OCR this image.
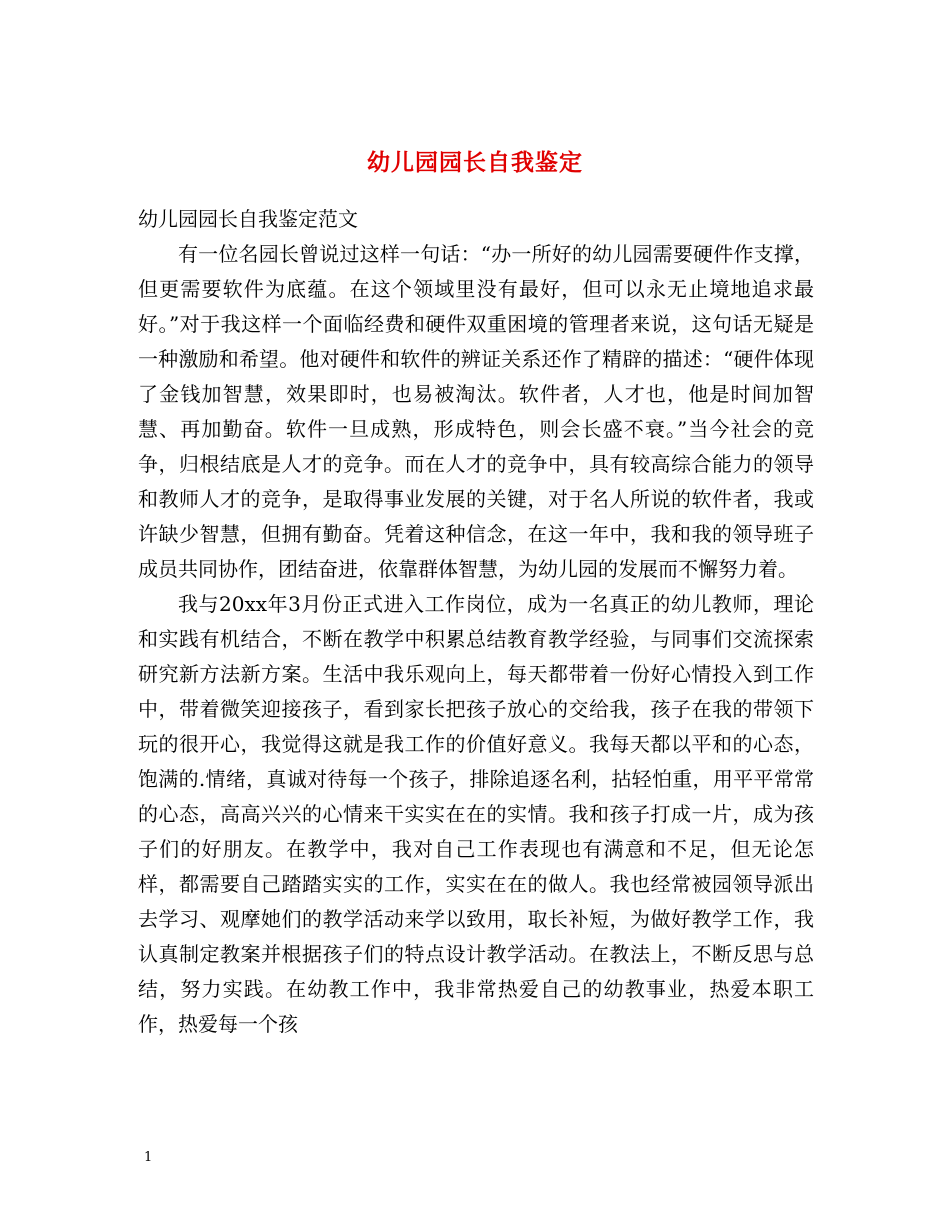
幼儿园园长自我鉴定

幼儿园园长自我鉴定范文

有一位名园长曾说过这样一句话：“办一所好的幼儿园需要硬件作支撑，但更需要软件为底蕴。在这个领域里没有最好，但可以永无止境地追求最好。”对于我这样一个面临经费和硬件双重困境的管理者来说，这句话无疑是一种激励和希望。他对硬件和软件的辨证关系还作了精辟的描述：“硬件体现了金钱加智慧，效果即时，也易被淘汰。软件者，人才也，他是时间加智慧、再加勤奋。软件一旦成熟，形成特色，则会长盛不衰。”当今社会的竞争，归根结底是人才的竞争。而在人才的竞争中，具有较高综合能力的领导和教师人才的竞争，是取得事业发展的关键，对于名人所说的软件者，我或许缺少智慧，但拥有勤奋。凭着这种信念，在这一年中，我和我的领导班子成员共同协作，团结奋进，依靠群体智慧，为幼儿园的发展而不懈努力着。

我与20xx年3月份正式进入工作岗位，成为一名真正的幼儿教师，理论和实践有机结合，不断在教学中积累总结教育教学经验，与同事们交流探索研究新方法新方案。生活中我乐观向上，每天都带着一份好心情投入到工作中，带着微笑迎接孩子，看到家长把孩子放心的交给我，孩子在我的带领下玩的很开心，我觉得这就是我工作的价值好意义。我每天都以平和的心态，饱满的.情绪，真诚对待每一个孩子，排除追逐名利，拈轻怕重，用平平常常的心态，高高兴兴的心情来干实实在在的实情。我和孩子打成一片，成为孩子们的好朋友。在教学中，我对自己工作表现也有满意和不足，但无论怎样，都需要自己踏踏实实的工作，实实在在的做人。我也经常被园领导派出去学习、观摩她们的教学活动来学以致用，取长补短，为做好教学工作，我认真制定教案并根据孩子们的特点设计教学活动。在教法上，不断反思与总结，努力实践。在幼教工作中，我非常热爱自己的幼教事业，热爱本职工作，热爱每一个孩

1
